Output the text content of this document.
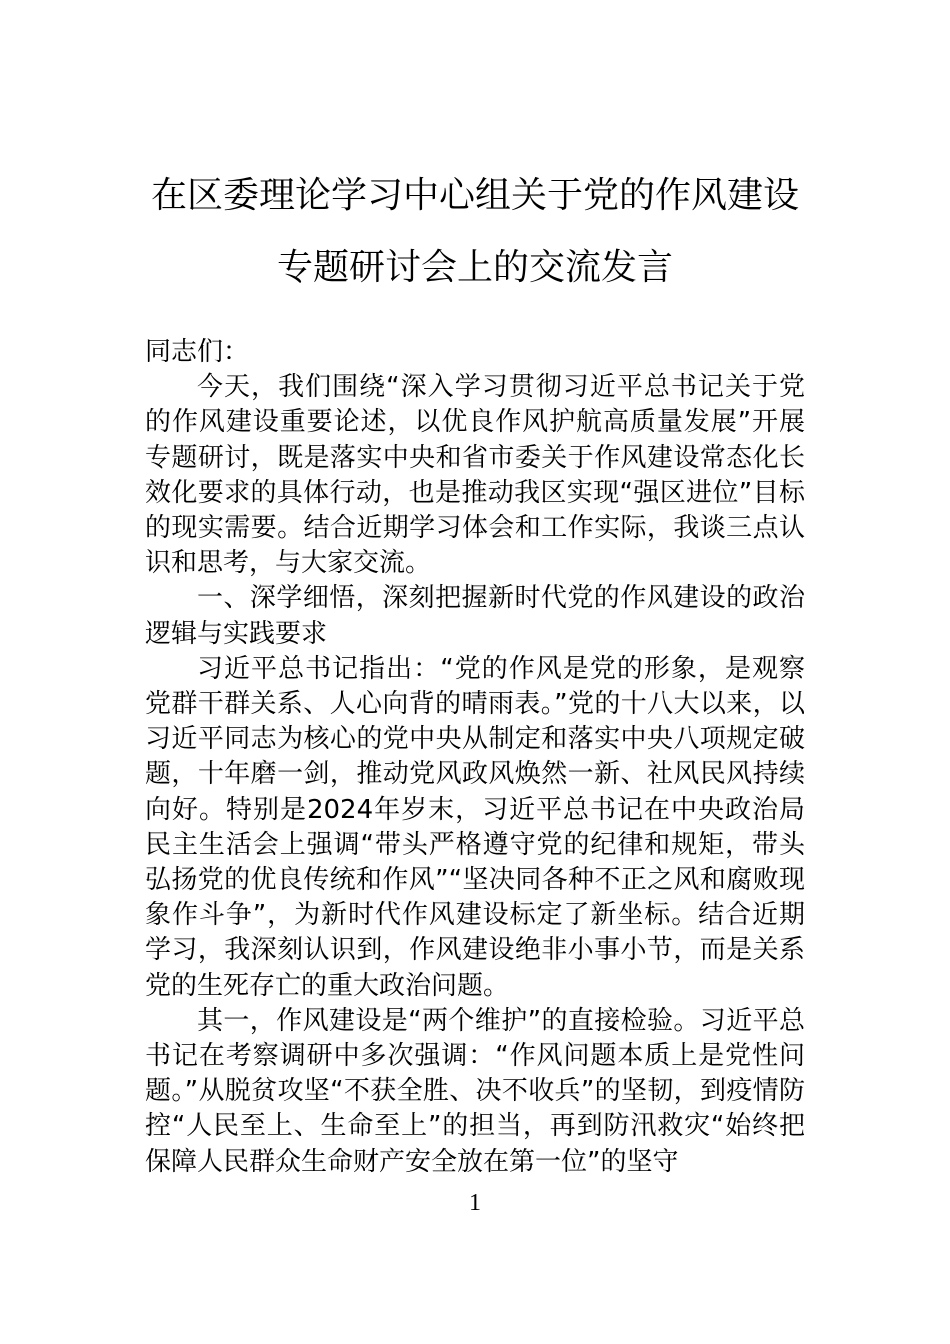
在区委理论学习中心组关于党的作风建设
专题研讨会上的交流发言

同志们：

今天，我们围绕“深入学习贯彻习近平总书记关于党的作风建设重要论述，以优良作风护航高质量发展”开展专题研讨，既是落实中央和省市委关于作风建设常态化长效化要求的具体行动，也是推动我区实现“强区进位”目标的现实需要。结合近期学习体会和工作实际，我谈三点认识和思考，与大家交流。

一、深学细悟，深刻把握新时代党的作风建设的政治逻辑与实践要求

习近平总书记指出：“党的作风是党的形象，是观察党群干群关系、人心向背的晴雨表。”党的十八大以来，以习近平同志为核心的党中央从制定和落实中央八项规定破题，十年磨一剑，推动党风政风焕然一新、社风民风持续向好。特别是2024年岁末，习近平总书记在中央政治局民主生活会上强调“带头严格遵守党的纪律和规矩，带头弘扬党的优良传统和作风”“坚决同各种不正之风和腐败现象作斗争”，为新时代作风建设标定了新坐标。结合近期学习，我深刻认识到，作风建设绝非小事小节，而是关系党的生死存亡的重大政治问题。

其一，作风建设是“两个维护”的直接检验。习近平总书记在考察调研中多次强调：“作风问题本质上是党性问题。”从脱贫攻坚“不获全胜、决不收兵”的坚韧，到疫情防控“人民至上、生命至上”的担当，再到防汛救灾“始终把保障人民群众生命财产安全放在第一位”的坚守

1
